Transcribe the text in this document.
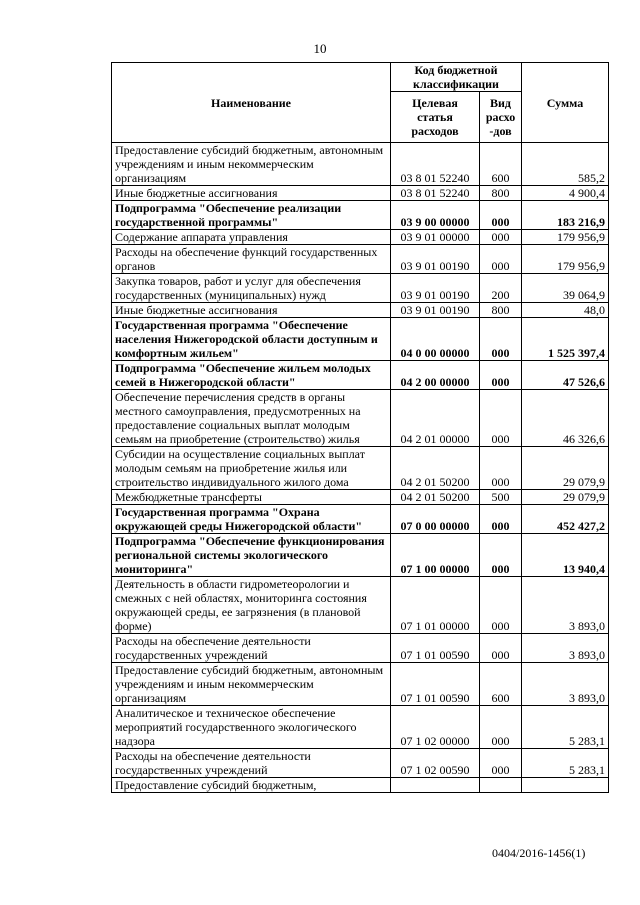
10
Наименование	Код бюджетной классификации		Сумма
	Целевая статья расходов	Вид расхо -дов	
Предоставление субсидий бюджетным, автономным учреждениям и иным некоммерческим организациям	03 8 01 52240	600	585,2
Иные бюджетные ассигнования	03 8 01 52240	800	4 900,4
Подпрограмма "Обеспечение реализации государственной программы"	03 9 00 00000	000	183 216,9
Содержание аппарата управления	03 9 01 00000	000	179 956,9
Расходы на обеспечение функций государственных органов	03 9 01 00190	000	179 956,9
Закупка товаров, работ и услуг для обеспечения государственных (муниципальных) нужд	03 9 01 00190	200	39 064,9
Иные бюджетные ассигнования	03 9 01 00190	800	48,0
Государственная программа "Обеспечение населения Нижегородской области доступным и комфортным жильем"	04 0 00 00000	000	1 525 397,4
Подпрограмма "Обеспечение жильем молодых семей в Нижегородской области"	04 2 00 00000	000	47 526,6
Обеспечение перечисления средств в органы местного самоуправления, предусмотренных на предоставление социальных выплат молодым семьям на приобретение (строительство) жилья	04 2 01 00000	000	46 326,6
Субсидии на осуществление социальных выплат молодым семьям на приобретение жилья или строительство индивидуального жилого дома	04 2 01 50200	000	29 079,9
Межбюджетные трансферты	04 2 01 50200	500	29 079,9
Государственная программа "Охрана окружающей среды Нижегородской области"	07 0 00 00000	000	452 427,2
Подпрограмма "Обеспечение функционирования региональной системы экологического мониторинга"	07 1 00 00000	000	13 940,4
Деятельность в области гидрометеорологии и смежных с ней областях, мониторинга состояния окружающей среды, ее загрязнения (в плановой форме)	07 1 01 00000	000	3 893,0
Расходы на обеспечение деятельности государственных учреждений	07 1 01 00590	000	3 893,0
Предоставление субсидий бюджетным, автономным учреждениям и иным некоммерческим организациям	07 1 01 00590	600	3 893,0
Аналитическое и техническое обеспечение мероприятий государственного экологического надзора	07 1 02 00000	000	5 283,1
Расходы на обеспечение деятельности государственных учреждений	07 1 02 00590	000	5 283,1
Предоставление субсидий бюджетным,			
0404/2016-1456(1)
